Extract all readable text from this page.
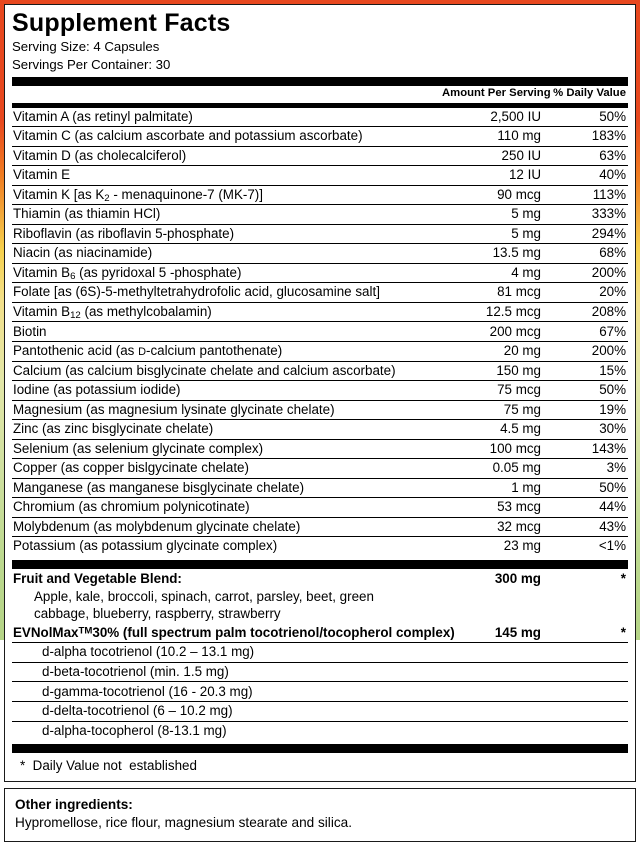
Supplement Facts
Serving Size: 4 Capsules
Servings Per Container: 30
	Amount Per Serving	% Daily Value
Vitamin A (as retinyl palmitate)	2,500 IU	50%
Vitamin C (as calcium ascorbate and potassium ascorbate)	110 mg	183%
Vitamin D (as cholecalciferol)	250 IU	63%
Vitamin E	12 IU	40%
Vitamin K [as $K_2$ - menaquinone-7 (MK-7)]	90 mcg	113%
Thiamin (as thiamin HCl)	5 mg	333%
Riboflavin (as riboflavin 5-phosphate)	5 mg	294%
Niacin (as niacinamide)	13.5 mg	68%
Vitamin $B_6$ (as pyridoxal 5 -phosphate)	4 mg	200%
Folate [as (6S)-5-methyltetrahydrofolic acid, glucosamine salt]	81 mcg	20%
Vitamin $B_{12}$ (as methylcobalamin)	12.5 mcg	208%
Biotin	200 mcg	67%
Pantothenic acid (as D-calcium pantothenate)	20 mg	200%
Calcium (as calcium bisglycinate chelate and calcium ascorbate)	150 mg	15%
Iodine (as potassium iodide)	75 mcg	50%
Magnesium (as magnesium lysinate glycinate chelate)	75 mg	19%
Zinc (as zinc bisglycinate chelate)	4.5 mg	30%
Selenium (as selenium glycinate complex)	100 mcg	143%
Copper (as copper bislgycinate chelate)	0.05 mg	3%
Manganese (as manganese bisglycinate chelate)	1 mg	50%
Chromium (as chromium polynicotinate)	53 mcg	44%
Molybdenum (as molybdenum glycinate chelate)	32 mcg	43%
Potassium (as potassium glycinate complex)	23 mg	<1%
Fruit and Vegetable Blend:	300 mg	*
Apple, kale, broccoli, spinach, carrot, parsley, beet, green		
cabbage, blueberry, raspberry, strawberry		
EVNolMax™30% (full spectrum palm tocotrienol/tocopherol complex)	145 mg	*
d-alpha tocotrienol (10.2 – 13.1 mg)		
d-beta-tocotrienol (min. 1.5 mg)		
d-gamma-tocotrienol (16 - 20.3 mg)		
d-delta-tocotrienol (6 – 10.2 mg)		
d-alpha-tocopherol (8-13.1 mg)		
*  Daily Value not  established
Other ingredients:
Hypromellose, rice flour, magnesium stearate and silica.
